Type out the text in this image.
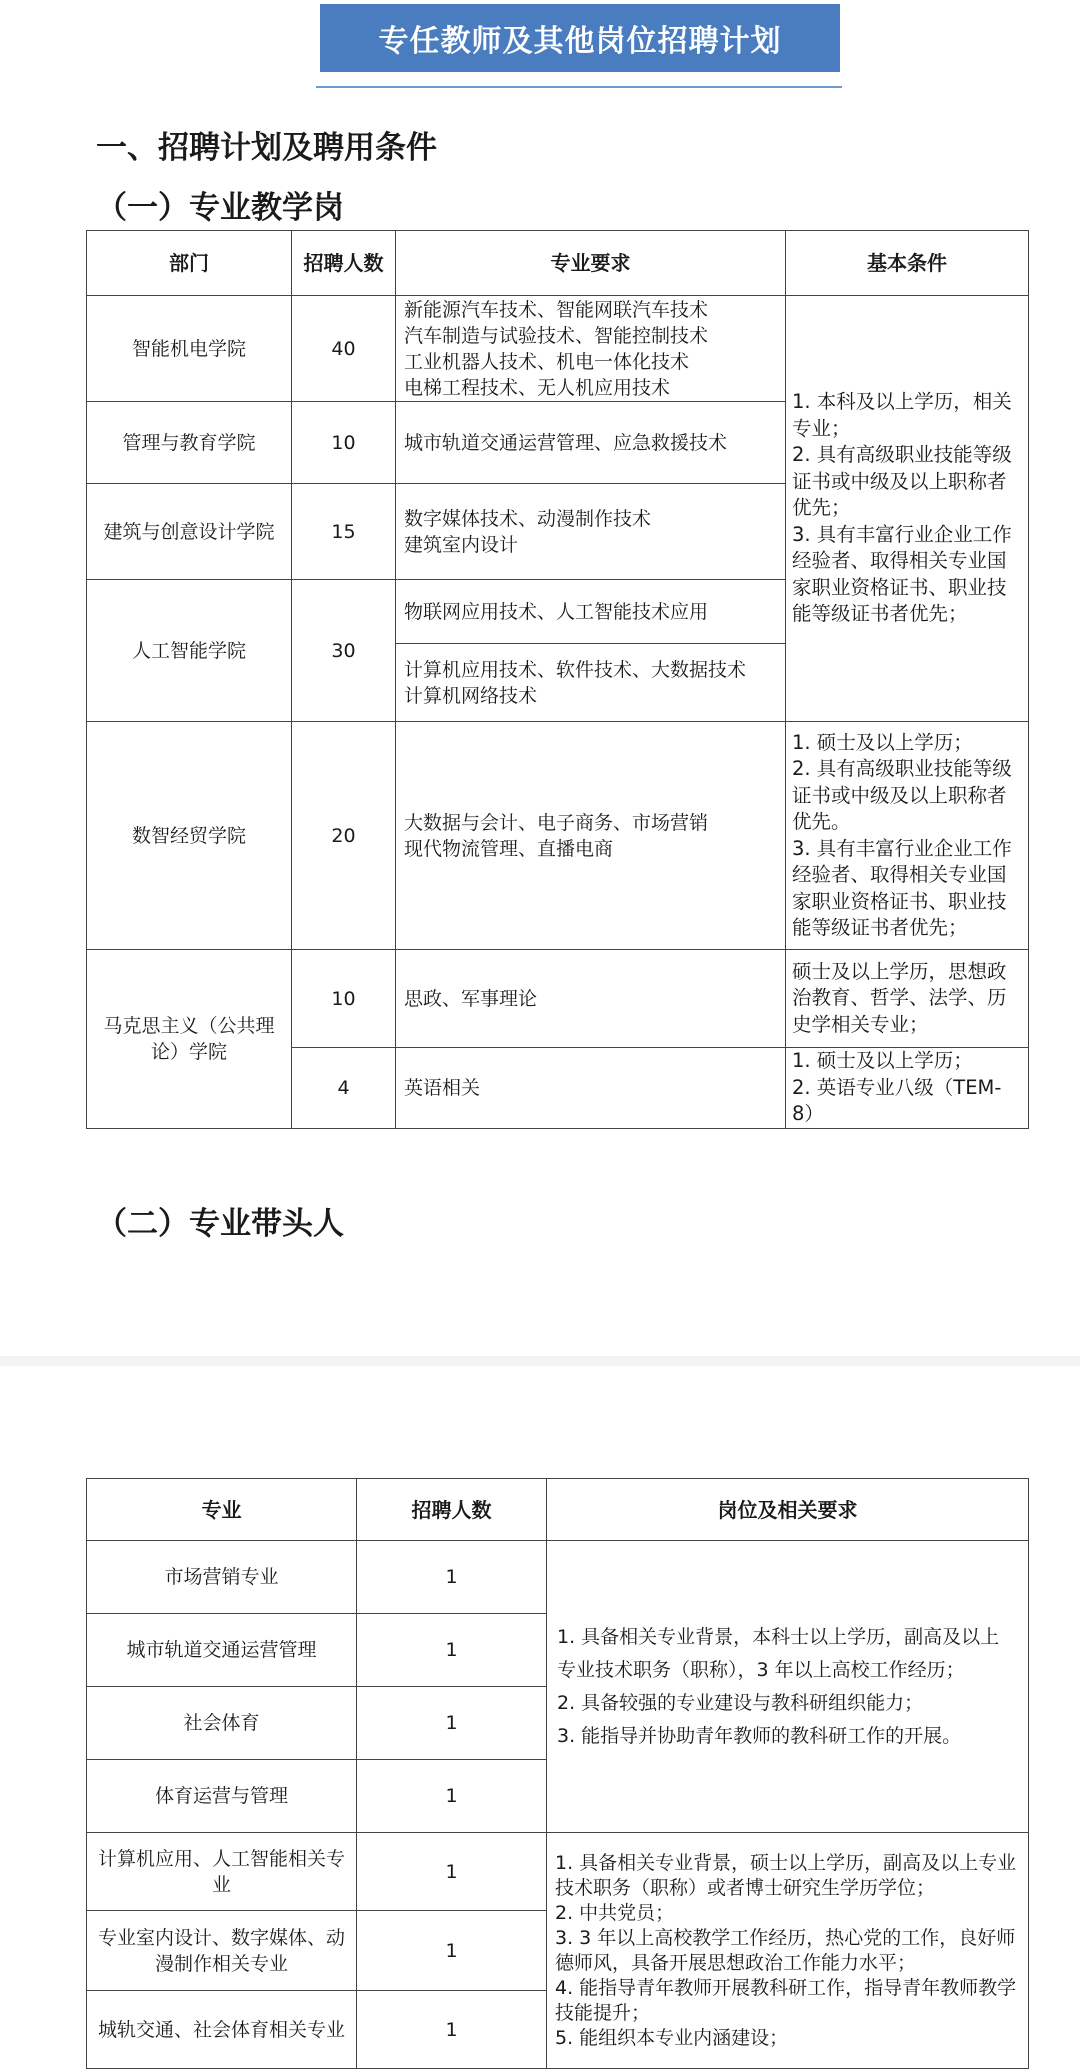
专任教师及其他岗位招聘计划
一、招聘计划及聘用条件
（一）专业教学岗
部门	招聘人数	专业要求	基本条件
智能机电学院	40	新能源汽车技术、智能网联汽车技术
汽车制造与试验技术、智能控制技术
工业机器人技术、机电一体化技术
电梯工程技术、无人机应用技术	1. 本科及以上学历，相关专业；
2. 具有高级职业技能等级证书或中级及以上职称者优先；
3. 具有丰富行业企业工作经验者、取得相关专业国家职业资格证书、职业技能等级证书者优先；

管理与教育学院	10	城市轨道交通运营管理、应急救援技术	

建筑与创意设计学院	15	数字媒体技术、动漫制作技术
建筑室内设计	

人工智能学院	30	物联网应用技术、人工智能技术应用	

		计算机应用技术、软件技术、大数据技术
计算机网络技术	

数智经贸学院	20	大数据与会计、电子商务、市场营销
现代物流管理、直播电商	1. 硕士及以上学历；
2. 具有高级职业技能等级证书或中级及以上职称者优先。
3. 具有丰富行业企业工作经验者、取得相关专业国家职业资格证书、职业技能等级证书者优先；

马克思主义（公共理论）学院	10	思政、军事理论	硕士及以上学历，思想政治教育、哲学、法学、历史学相关专业；
	4	英语相关	1. 硕士及以上学历；
2. 英语专业八级（TEM-8）
（二）专业带头人
专业	招聘人数	岗位及相关要求
市场营销专业	1	1. 具备相关专业背景，本科士以上学历，副高及以上专业技术职务（职称），3 年以上高校工作经历；
2. 具备较强的专业建设与教科研组织能力；
3. 能指导并协助青年教师的教科研工作的开展。

城市轨道交通运营管理	1	
社会体育	1	
体育运营与管理	1	
计算机应用、人工智能相关专业	1	1. 具备相关专业背景，硕士以上学历，副高及以上专业技术职务（职称）或者博士研究生学历学位；
2. 中共党员；
3. 3 年以上高校教学工作经历，热心党的工作，良好师德师风，具备开展思想政治工作能力水平；
4. 能指导青年教师开展教科研工作，指导青年教师教学技能提升；
5. 能组织本专业内涵建设；

专业室内设计、数字媒体、动漫制作相关专业	1	
城轨交通、社会体育相关专业	1	
